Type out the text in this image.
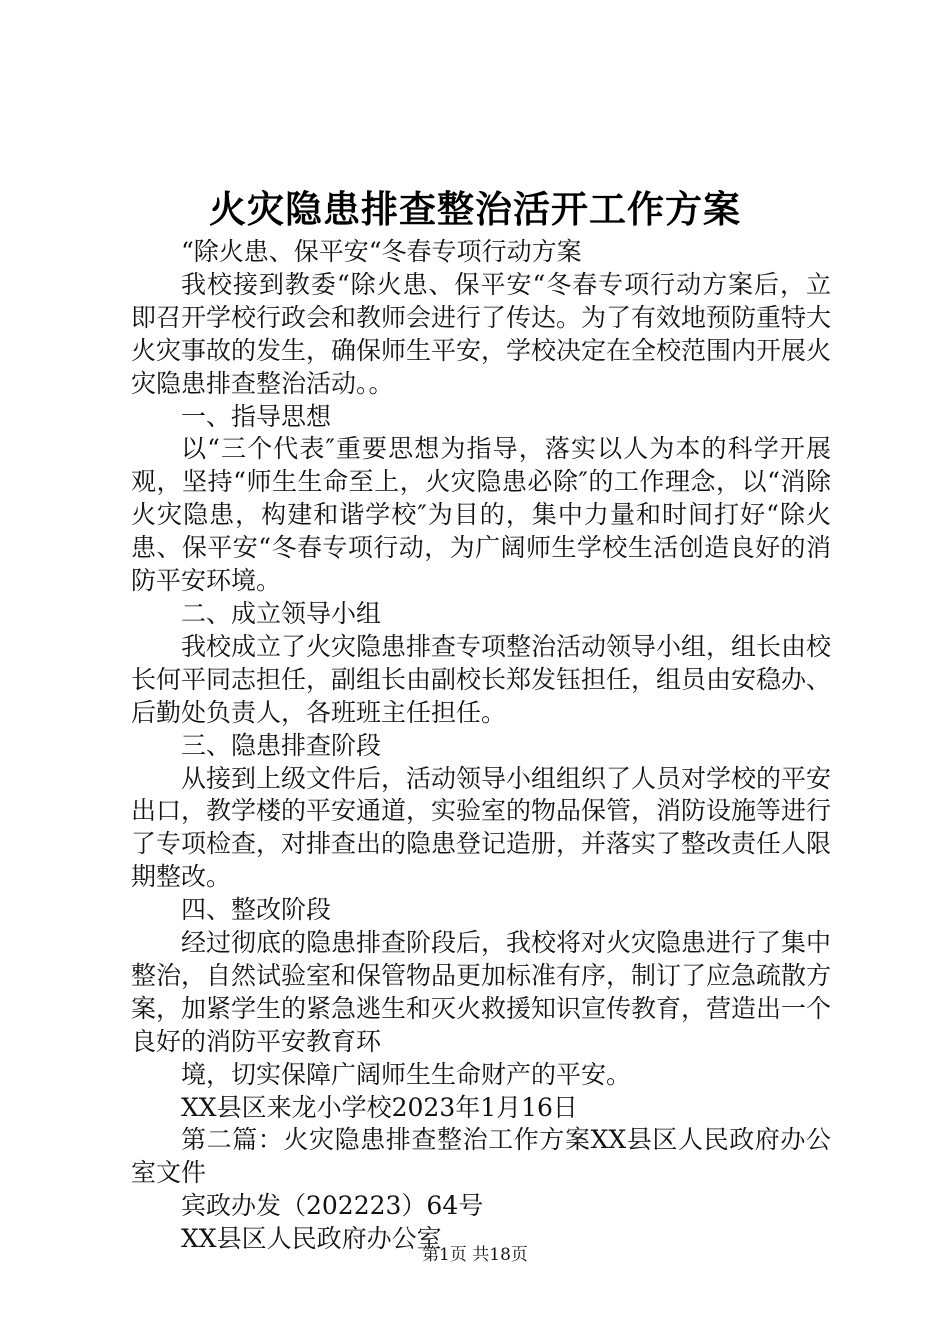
火灾隐患排查整治活开工作方案

“除火患、保平安“冬春专项行动方案

我校接到教委“除火患、保平安“冬春专项行动方案后，立即召开学校行政会和教师会进行了传达。为了有效地预防重特大火灾事故的发生，确保师生平安，学校决定在全校范围内开展火灾隐患排查整治活动。。

一、指导思想

以“三个代表″重要思想为指导，落实以人为本的科学开展观，坚持“师生生命至上，火灾隐患必除″的工作理念，以“消除火灾隐患，构建和谐学校″为目的，集中力量和时间打好“除火患、保平安“冬春专项行动，为广阔师生学校生活创造良好的消防平安环境。

二、成立领导小组

我校成立了火灾隐患排查专项整治活动领导小组，组长由校长何平同志担任，副组长由副校长郑发钰担任，组员由安稳办、后勤处负责人，各班班主任担任。

三、隐患排查阶段

从接到上级文件后，活动领导小组组织了人员对学校的平安出口，教学楼的平安通道，实验室的物品保管，消防设施等进行了专项检查，对排查出的隐患登记造册，并落实了整改责任人限期整改。

四、整改阶段

经过彻底的隐患排查阶段后，我校将对火灾隐患进行了集中整治，自然试验室和保管物品更加标准有序，制订了应急疏散方案，加紧学生的紧急逃生和灭火救援知识宣传教育，营造出一个良好的消防平安教育环

境，切实保障广阔师生生命财产的平安。

XX县区来龙小学校2023年1月16日

第二篇：火灾隐患排查整治工作方案XX县区人民政府办公室文件

宾政办发（202223）64号

XX县区人民政府办公室

第1页 共18页
